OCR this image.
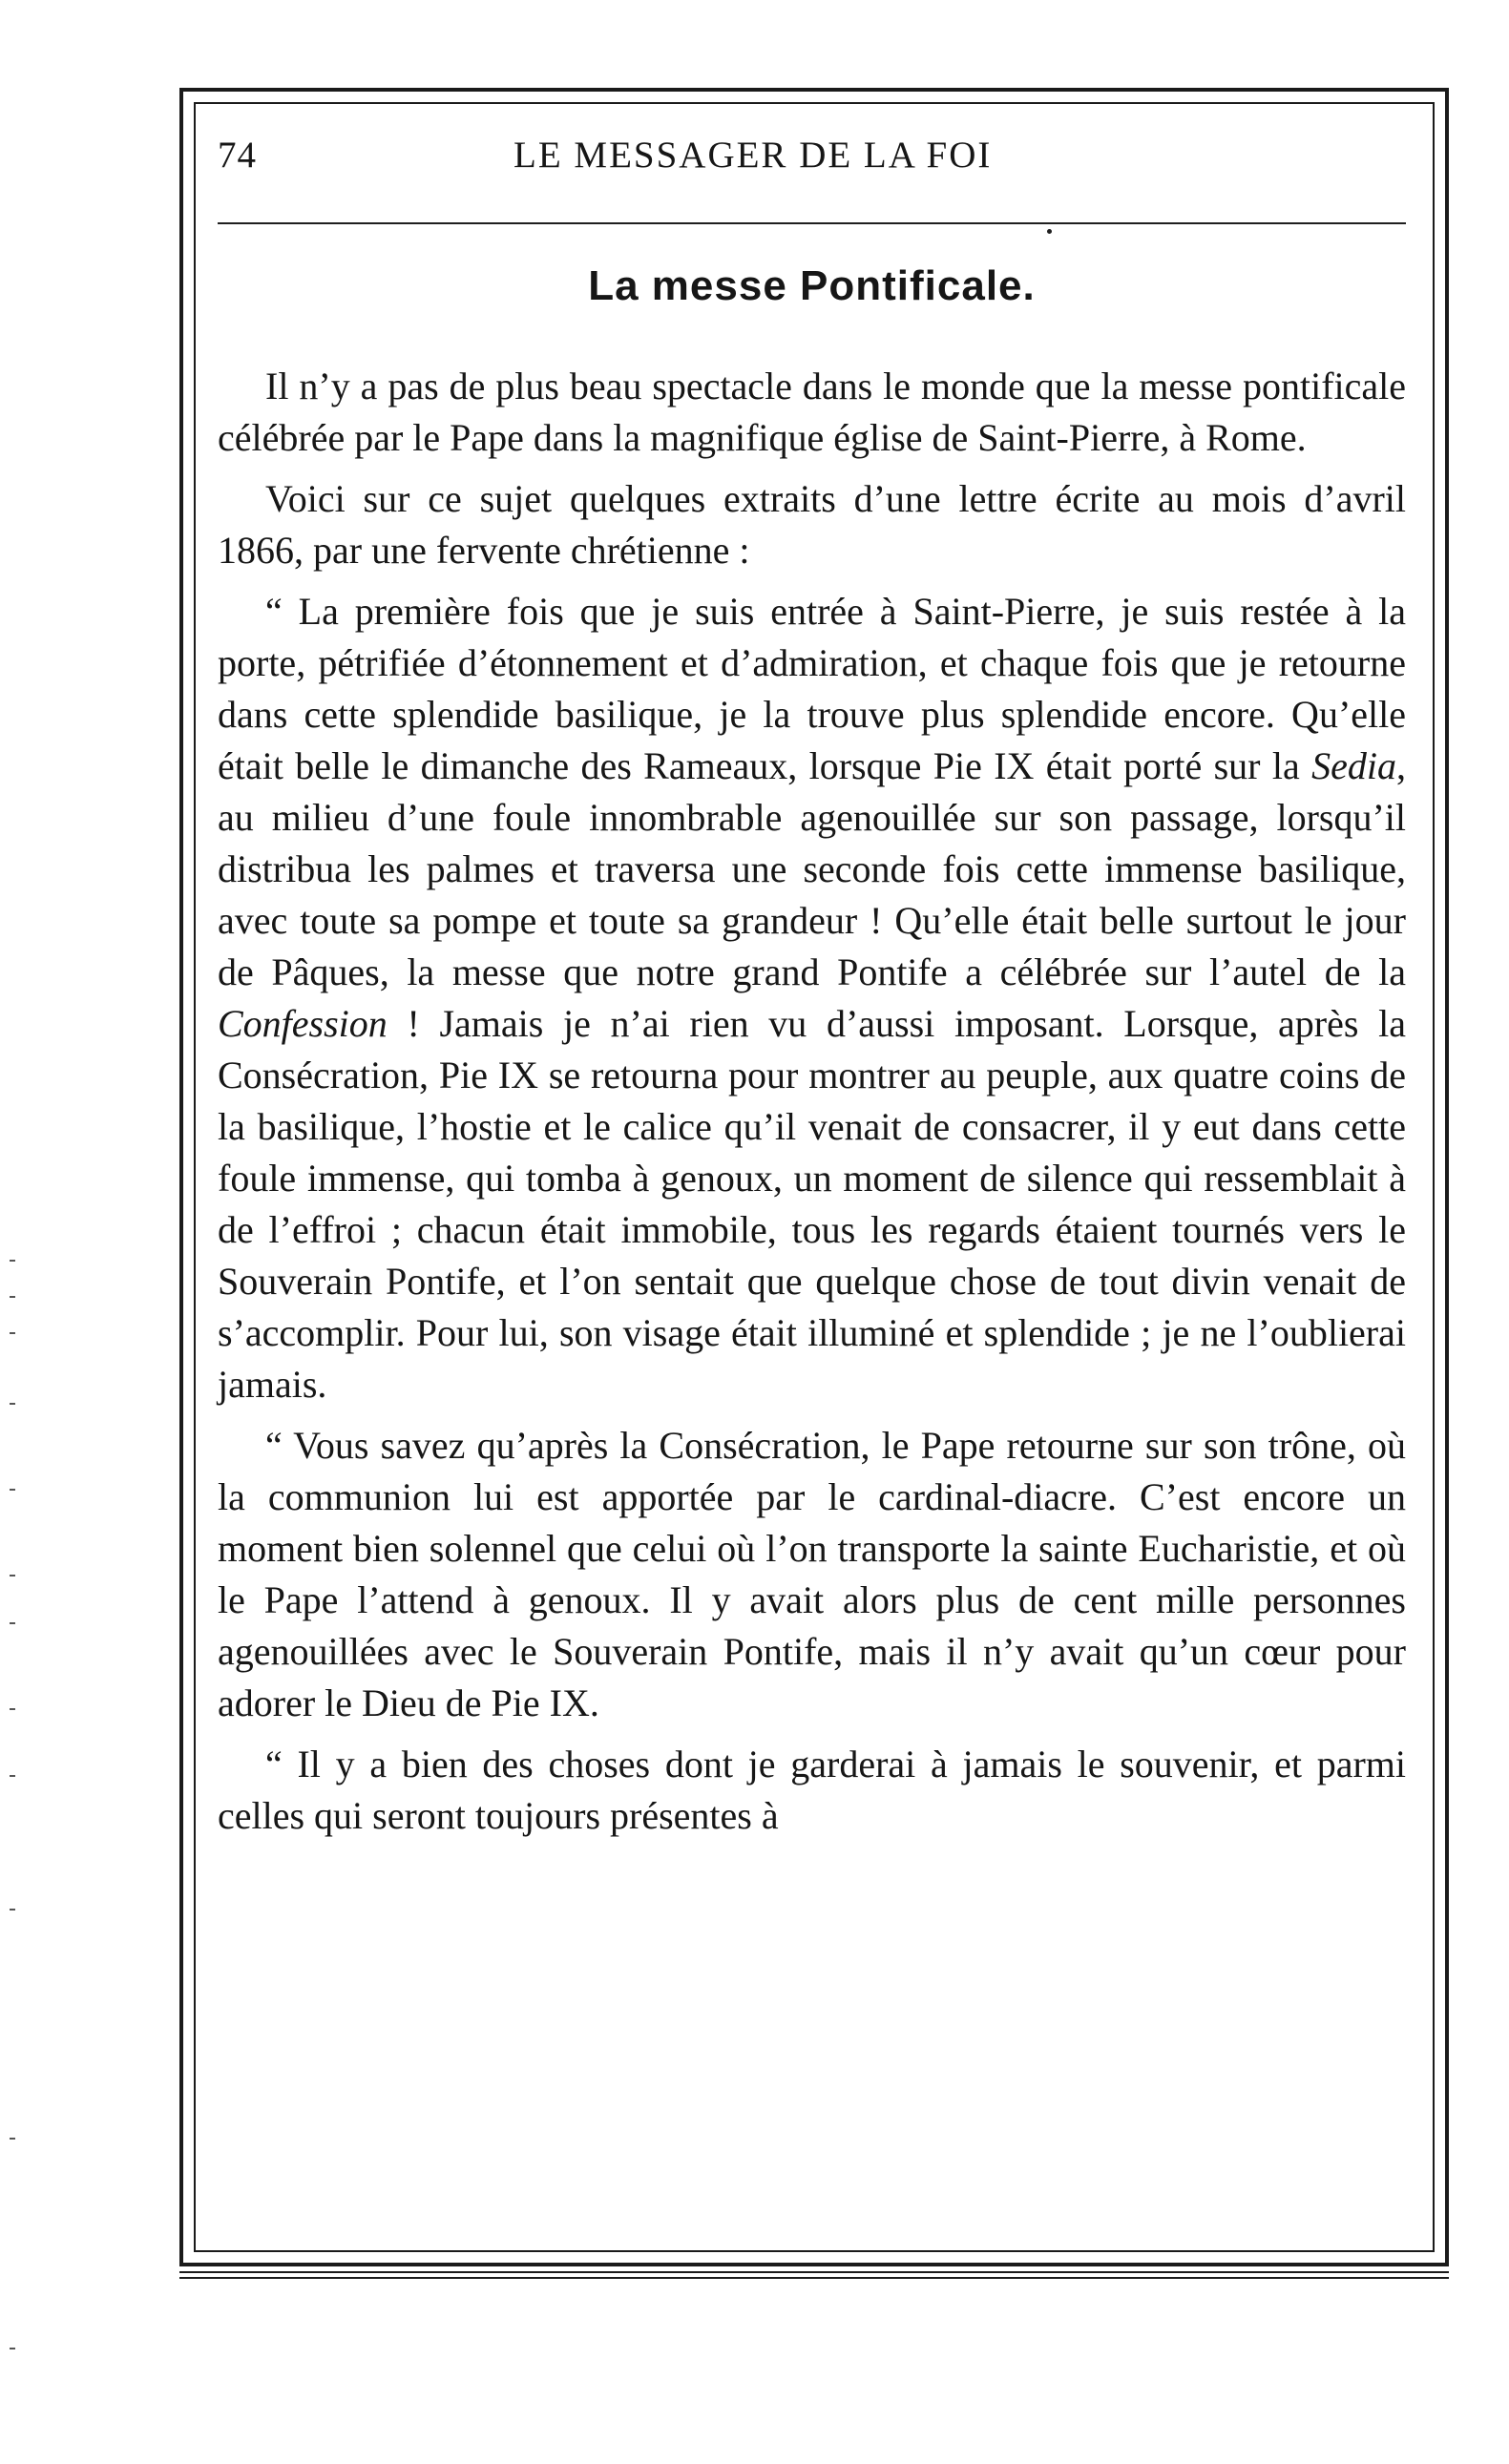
74	LE MESSAGER DE LA FOI
La messe Pontificale.

Il n’y a pas de plus beau spectacle dans le monde que la messe pontificale célébrée par le Pape dans la magnifique église de Saint-Pierre, à Rome.

Voici sur ce sujet quelques extraits d’une lettre écrite au mois d’avril 1866, par une fervente chrétienne :

“ La première fois que je suis entrée à Saint-Pierre, je suis restée à la porte, pétrifiée d’étonnement et d’admiration, et chaque fois que je retourne dans cette splendide basilique, je la trouve plus splendide encore. Qu’elle était belle le dimanche des Rameaux, lorsque Pie IX était porté sur la Sedia, au milieu d’une foule innombrable agenouillée sur son passage, lorsqu’il distribua les palmes et traversa une seconde fois cette immense basilique, avec toute sa pompe et toute sa grandeur ! Qu’elle était belle surtout le jour de Pâques, la messe que notre grand Pontife a célébrée sur l’autel de la Confession ! Jamais je n’ai rien vu d’aussi imposant. Lorsque, après la Consécration, Pie IX se retourna pour montrer au peuple, aux quatre coins de la basilique, l’hostie et le calice qu’il venait de consacrer, il y eut dans cette foule immense, qui tomba à genoux, un moment de silence qui ressemblait à de l’effroi ; chacun était immobile, tous les regards étaient tournés vers le Souverain Pontife, et l’on sentait que quelque chose de tout divin venait de s’accomplir. Pour lui, son visage était illuminé et splendide ; je ne l’oublierai jamais.

“ Vous savez qu’après la Consécration, le Pape retourne sur son trône, où la communion lui est apportée par le cardinal-diacre. C’est encore un moment bien solennel que celui où l’on transporte la sainte Eucharistie, et où le Pape l’attend à genoux. Il y avait alors plus de cent mille personnes agenouillées avec le Souverain Pontife, mais il n’y avait qu’un cœur pour adorer le Dieu de Pie IX.

“ Il y a bien des choses dont je garderai à jamais le souvenir, et parmi celles qui seront toujours présentes à
